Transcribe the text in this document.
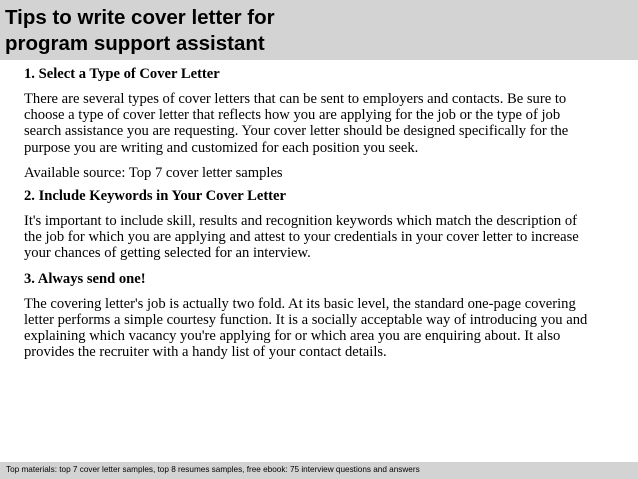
Tips to write cover letter for
program support assistant

1. Select a Type of Cover Letter

There are several types of cover letters that can be sent to employers and contacts. Be sure to
choose a type of cover letter that reflects how you are applying for the job or the type of job
search assistance you are requesting. Your cover letter should be designed specifically for the
purpose you are writing and customized for each position you seek.

Available source: Top 7 cover letter samples

2. Include Keywords in Your Cover Letter

It's important to include skill, results and recognition keywords which match the description of
the job for which you are applying and attest to your credentials in your cover letter to increase
your chances of getting selected for an interview.

3. Always send one!

The covering letter's job is actually two fold. At its basic level, the standard one-page covering
letter performs a simple courtesy function. It is a socially acceptable way of introducing you and
explaining which vacancy you're applying for or which area you are enquiring about. It also
provides the recruiter with a handy list of your contact details.

Top materials: top 7 cover letter samples, top 8 resumes samples, free ebook: 75 interview questions and answers
